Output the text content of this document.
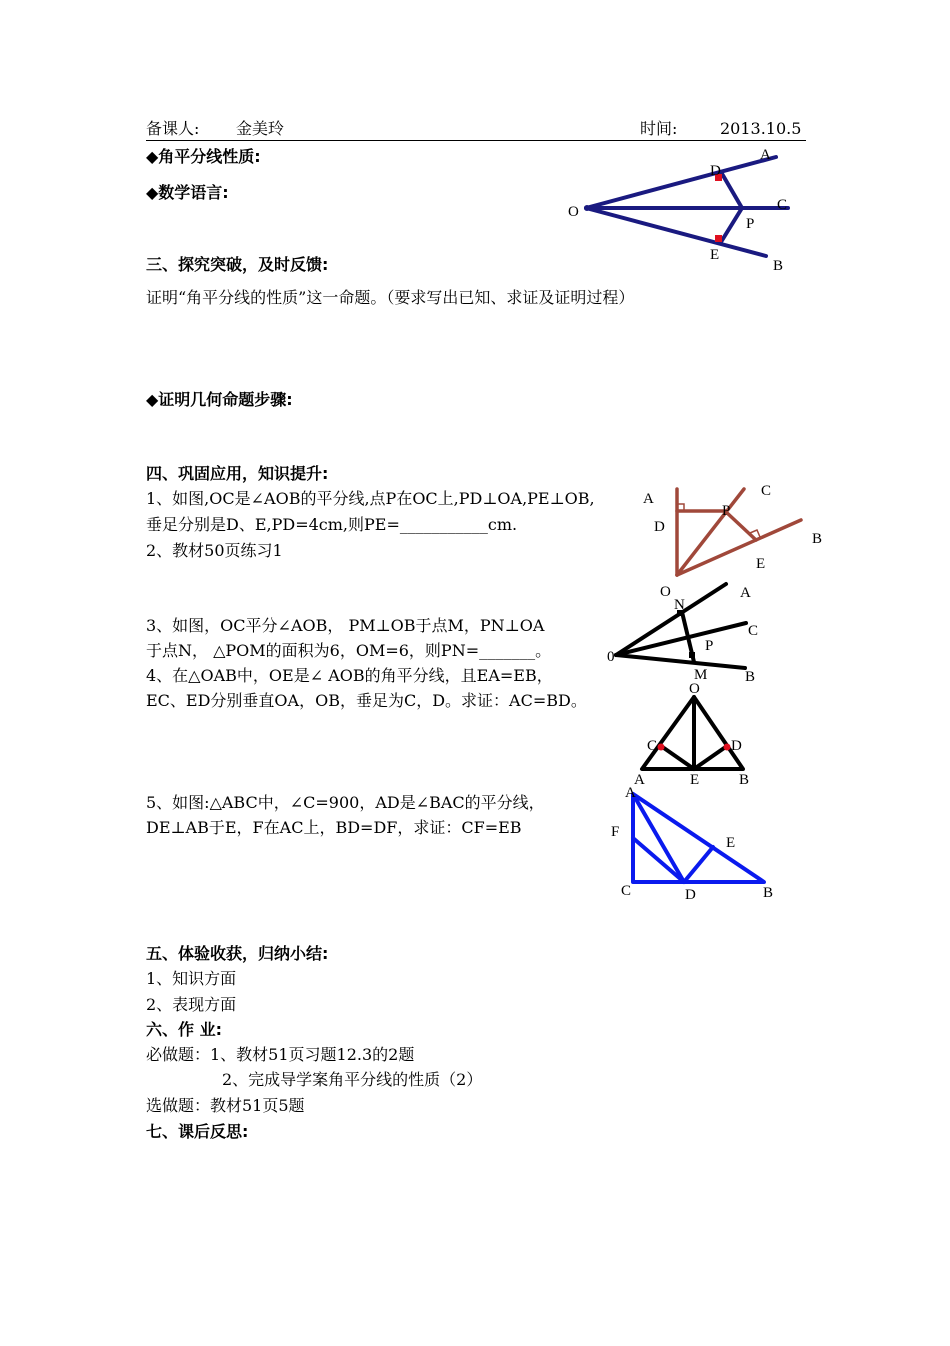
备课人: 金美玲	时间:	2013.10.5
◆角平分线性质:
◆数学语言:
三、探究突破，及时反馈:
证明“角平分线的性质”这一命题。（要求写出已知、求证及证明过程）
◆证明几何命题步骤:
四、巩固应用，知识提升:
1、如图,OC是∠AOB的平分线,点P在OC上,PD⊥OA,PE⊥OB,
垂足分别是D、E,PD=4cm,则PE=___________cm.
2、教材50页练习1
3、如图，OC平分∠AOB， PM⊥OB于点M，PN⊥OA
于点N， △POM的面积为6，OM=6，则PN=_______。
4、在△OAB中，OE是∠ AOB的角平分线，且EA=EB，
EC、ED分别垂直OA，OB，垂足为C，D。求证：AC=BD。
5、如图:△ABC中，∠C=900，AD是∠BAC的平分线，
DE⊥AB于E，F在AC上，BD=DF，求证：CF=EB
五、体验收获，归纳小结:
1、知识方面
2、表现方面
六、作 业:
必做题：1、教材51页习题12.3的2题
2、完成导学案角平分线的性质（2）
选做题：教材51页5题
七、课后反思:
A
D
O	C
P
E
B
A	C
D
P
B
E
O	A
N
C
P
0
M	B
O
C	D
A	E	B
A
F
E
C	D	B
